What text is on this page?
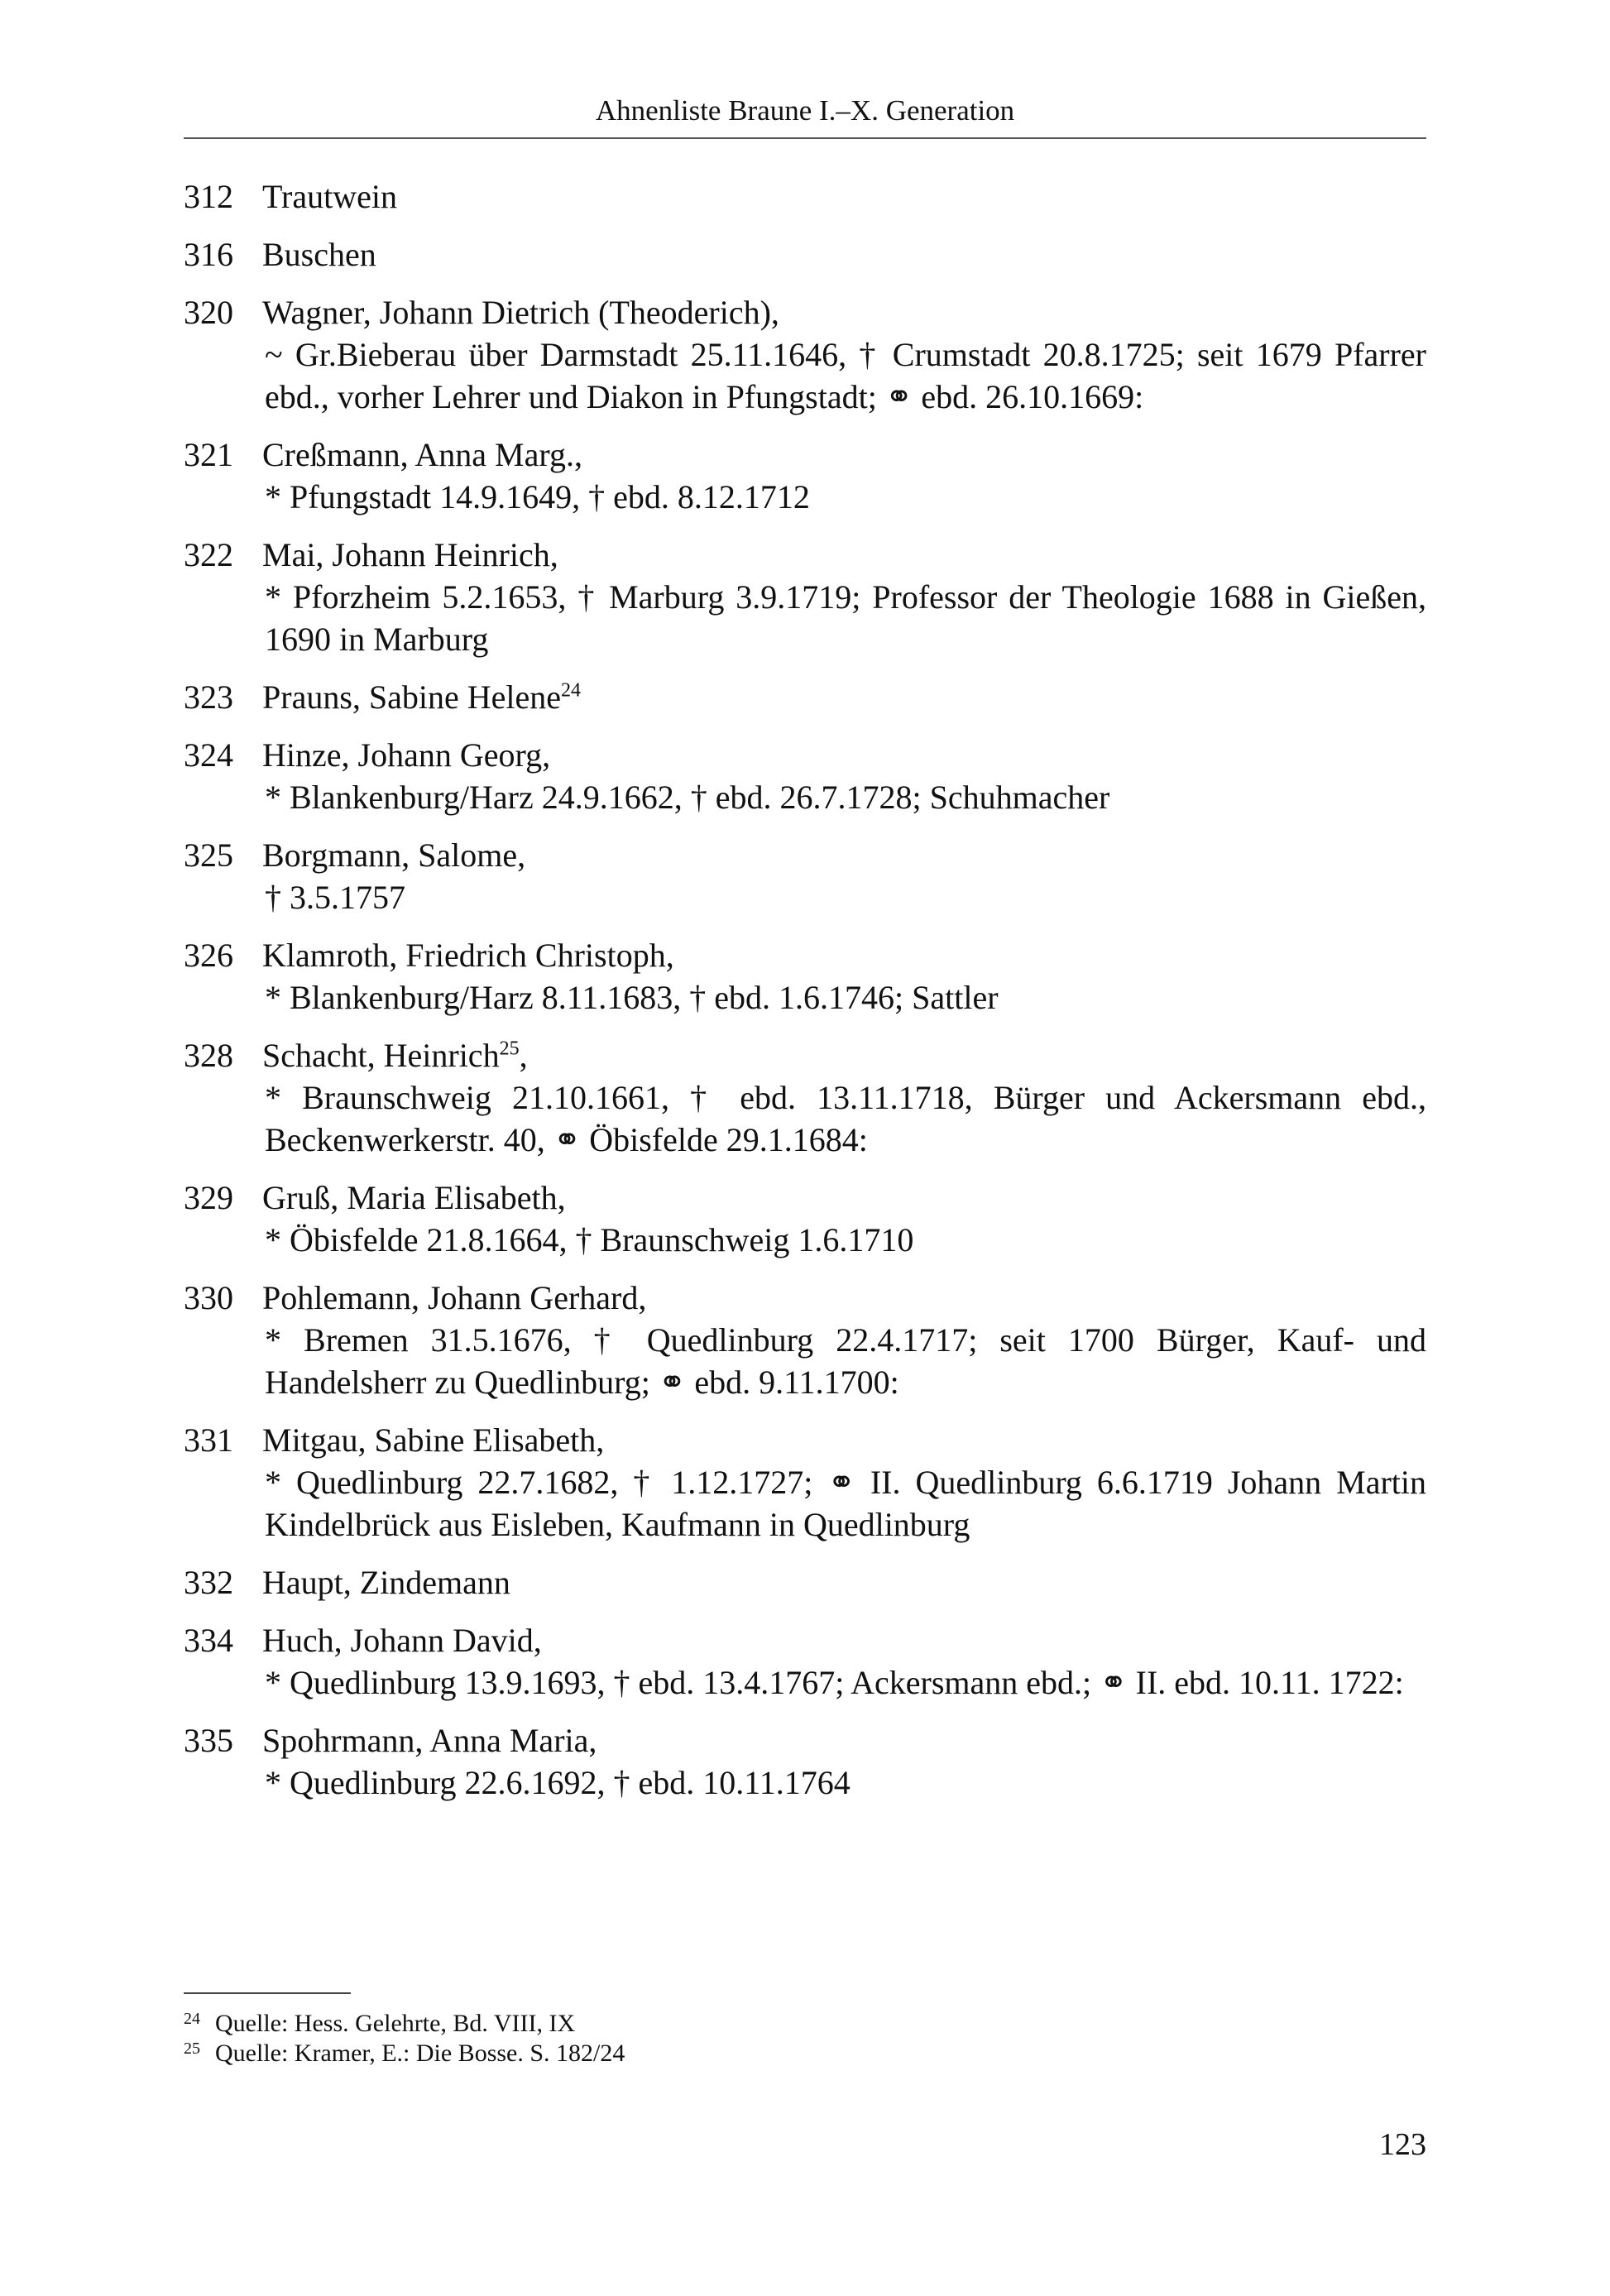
Ahnenliste Braune I.–X. Generation
312 Trautwein
316 Buschen
320 Wagner, Johann Dietrich (Theoderich),
~ Gr.Bieberau über Darmstadt 25.11.1646, † Crumstadt 20.8.1725; seit 1679 Pfarrer ebd., vorher Lehrer und Diakon in Pfungstadt; ⚭ ebd. 26.10.1669:
321 Creßmann, Anna Marg.,
* Pfungstadt 14.9.1649, † ebd. 8.12.1712
322 Mai, Johann Heinrich,
* Pforzheim 5.2.1653, † Marburg 3.9.1719; Professor der Theologie 1688 in Gießen, 1690 in Marburg
323 Prauns, Sabine Helene$^{24}$
324 Hinze, Johann Georg,
* Blankenburg/Harz 24.9.1662, † ebd. 26.7.1728; Schuhmacher
325 Borgmann, Salome,
† 3.5.1757
326 Klamroth, Friedrich Christoph,
* Blankenburg/Harz 8.11.1683, † ebd. 1.6.1746; Sattler
328 Schacht, Heinrich$^{25}$,
* Braunschweig 21.10.1661, † ebd. 13.11.1718, Bürger und Ackersmann ebd., Beckenwerkerstr. 40, ⚭ Öbisfelde 29.1.1684:
329 Gruß, Maria Elisabeth,
* Öbisfelde 21.8.1664, † Braunschweig 1.6.1710
330 Pohlemann, Johann Gerhard,
* Bremen 31.5.1676, † Quedlinburg 22.4.1717; seit 1700 Bürger, Kauf- und Handelsherr zu Quedlinburg; ⚭ ebd. 9.11.1700:
331 Mitgau, Sabine Elisabeth,
* Quedlinburg 22.7.1682, † 1.12.1727; ⚭ II. Quedlinburg 6.6.1719 Johann Martin Kindelbrück aus Eisleben, Kaufmann in Quedlinburg
332 Haupt, Zindemann
334 Huch, Johann David,
* Quedlinburg 13.9.1693, † ebd. 13.4.1767; Ackersmann ebd.; ⚭ II. ebd. 10.11. 1722:
335 Spohrmann, Anna Maria,
* Quedlinburg 22.6.1692, † ebd. 10.11.1764
24 Quelle: Hess. Gelehrte, Bd. VIII, IX
25 Quelle: Kramer, E.: Die Bosse. S. 182/24
123
